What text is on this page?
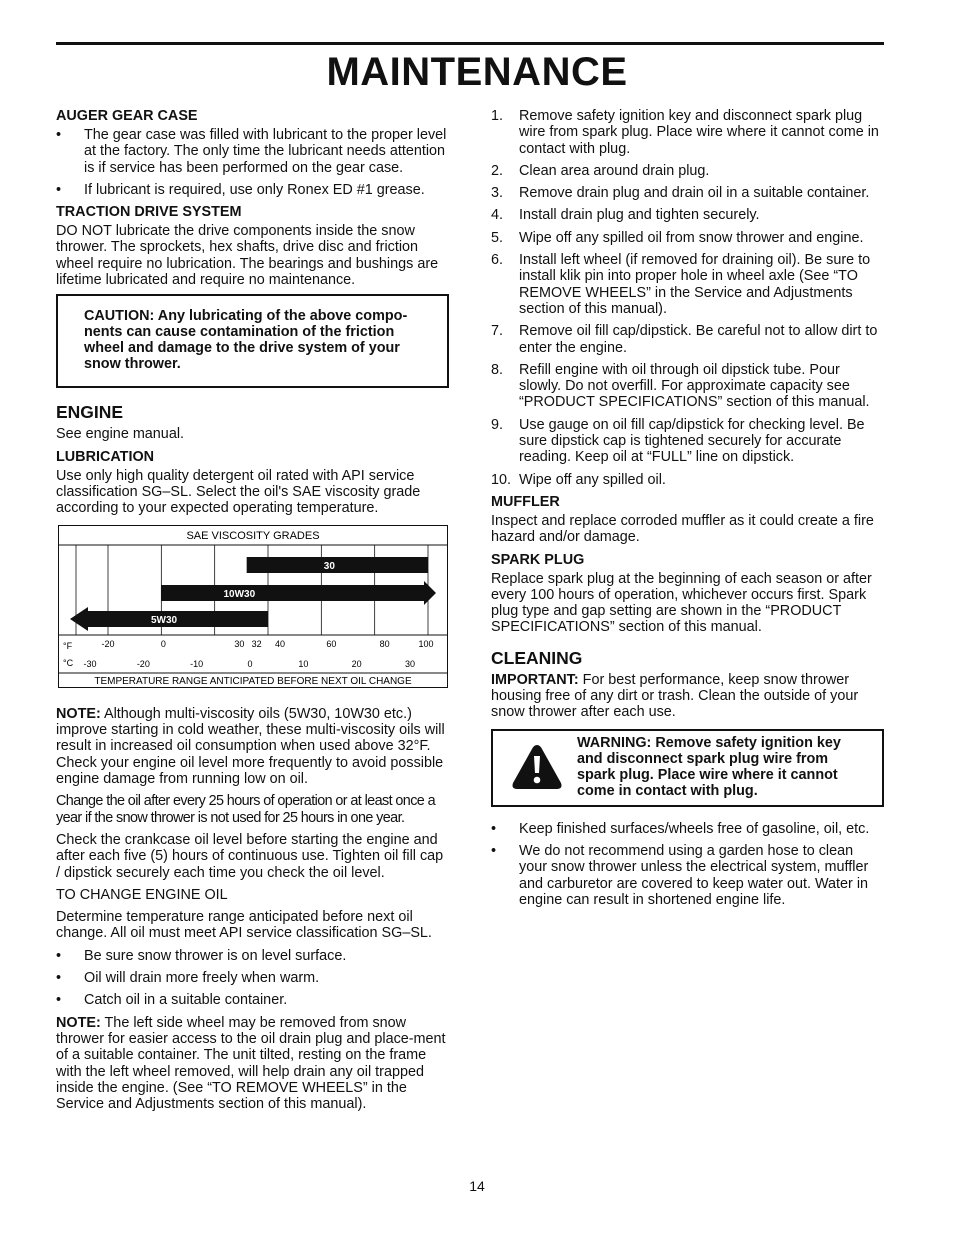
MAINTENANCE
AUGER GEAR CASE
• The gear case was filled with lubricant to the proper level at the factory. The only time the lubricant needs attention is if service has been performed on the gear case.
• If lubricant is required, use only Ronex ED #1 grease.
TRACTION DRIVE SYSTEM

DO NOT lubricate the drive components inside the snow thrower. The sprockets, hex shafts, drive disc and friction wheel require no lubrication. The bearings and bushings are lifetime lubricated and require no maintenance.

CAUTION: Any lubricating of the above compo-nents can cause contamination of the friction wheel and damage to the drive system of your snow thrower.
ENGINE

See engine manual.

LUBRICATION

Use only high quality detergent oil rated with API service classification SG–SL. Select the oil's SAE viscosity grade according to your expected operating temperature.

SAE VISCOSITY GRADES
30
10W30
5W30
°F	-20	0	30 32 40	60	80	100
°C -30	-20	-10	0	10	20	30
TEMPERATURE RANGE ANTICIPATED BEFORE NEXT OIL CHANGE

NOTE: Although multi-viscosity oils (5W30, 10W30 etc.) improve starting in cold weather, these multi-viscosity oils will result in increased oil consumption when used above 32°F. Check your engine oil level more frequently to avoid possible engine damage from running low on oil.

Change the oil after every 25 hours of operation or at least once a year if the snow thrower is not used for 25 hours in one year.

Check the crankcase oil level before starting the engine and after each five (5) hours of continuous use. Tighten oil fill cap / dipstick securely each time you check the oil level.

TO CHANGE ENGINE OIL

Determine temperature range anticipated before next oil change. All oil must meet API service classification SG–SL.

• Be sure snow thrower is on level surface.
• Oil will drain more freely when warm.
• Catch oil in a suitable container.

NOTE: The left side wheel may be removed from snow thrower for easier access to the oil drain plug and place-ment of a suitable container. The unit tilted, resting on the frame with the left wheel removed, will help drain any oil trapped inside the engine. (See “TO REMOVE WHEELS” in the Service and Adjustments section of this manual).

1. Remove safety ignition key and disconnect spark plug wire from spark plug. Place wire where it cannot come in contact with plug.
2. Clean area around drain plug.
3. Remove drain plug and drain oil in a suitable container.
4. Install drain plug and tighten securely.
5. Wipe off any spilled oil from snow thrower and engine.
6. Install left wheel (if removed for draining oil). Be sure to install klik pin into proper hole in wheel axle (See “TO REMOVE WHEELS” in the Service and Adjustments section of this manual).
7. Remove oil fill cap/dipstick. Be careful not to allow dirt to enter the engine.
8. Refill engine with oil through oil dipstick tube. Pour slowly. Do not overfill. For approximate capacity see “PRODUCT SPECIFICATIONS” section of this manual.
9. Use gauge on oil fill cap/dipstick for checking level. Be sure dipstick cap is tightened securely for accurate reading. Keep oil at “FULL” line on dipstick.
10. Wipe off any spilled oil.
MUFFLER

Inspect and replace corroded muffler as it could create a fire hazard and/or damage.

SPARK PLUG

Replace spark plug at the beginning of each season or after every 100 hours of operation, whichever occurs first. Spark plug type and gap setting are shown in the “PRODUCT SPECIFICATIONS” section of this manual.

CLEANING

IMPORTANT: For best performance, keep snow thrower housing free of any dirt or trash. Clean the outside of your snow thrower after each use.

WARNING: Remove safety ignition key and disconnect spark plug wire from spark plug. Place wire where it cannot come in contact with plug.
• Keep finished surfaces/wheels free of gasoline, oil, etc.
• We do not recommend using a garden hose to clean your snow thrower unless the electrical system, muffler and carburetor are covered to keep water out. Water in engine can result in shortened engine life.
14
